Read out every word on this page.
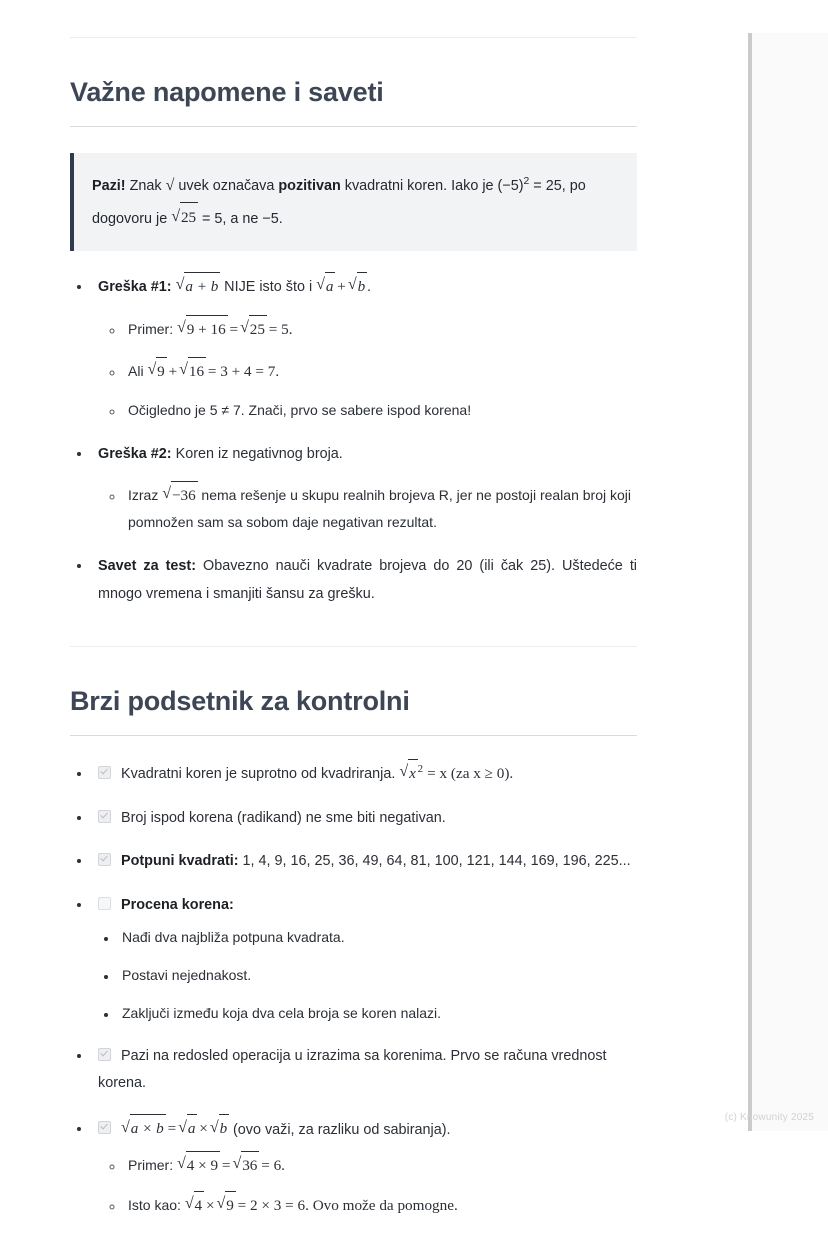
Važne napomene i saveti

Pazi! Znak √ uvek označava pozitivan kvadratni koren. Iako je $(-5)^2 = 25$, po dogovoru je √ 25 = 5, a ne −5.

• Greška #1: √ a + b NIJE isto što i √ a + √ b .
◦ Primer: √ 9 + 16 = √ 25 = 5.
◦ Ali √ 9 + √ 16 = 3 + 4 = 7.
◦ Očigledno je 5 ≠ 7. Znači, prvo se sabere ispod korena!
• Greška #2: Koren iz negativnog broja.
◦ Izraz √ −36 nema rešenje u skupu realnih brojeva R, jer ne postoji realan broj koji pomnožen sam sa sobom daje negativan rezultat.
• Savet za test: Obavezno nauči kvadrate brojeva do 20 (ili čak 25). Uštedeće ti mnogo vremena i smanjiti šansu za grešku.
Brzi podsetnik za kontrolni
• Kvadratni koren je suprotno od kvadriranja. √ x $^2$ = x (za x ≥ 0).
• Broj ispod korena (radikand) ne sme biti negativan.
• Potpuni kvadrati: 1, 4, 9, 16, 25, 36, 49, 64, 81, 100, 121, 144, 169, 196, 225...
• Procena korena:
• Nađi dva najbliža potpuna kvadrata.
• Postavi nejednakost.
• Zaključi između koja dva cela broja se koren nalazi.
• Pazi na redosled operacija u izrazima sa korenima. Prvo se računa vrednost korena.
• √ a × b = √ a × √ b (ovo važi, za razliku od sabiranja).
◦ Primer: √ 4 × 9 = √ 36 = 6.
◦ Isto kao: √ 4 × √ 9 = 2 × 3 = 6. Ovo može da pomogne.
(c) Knowunity 2025
